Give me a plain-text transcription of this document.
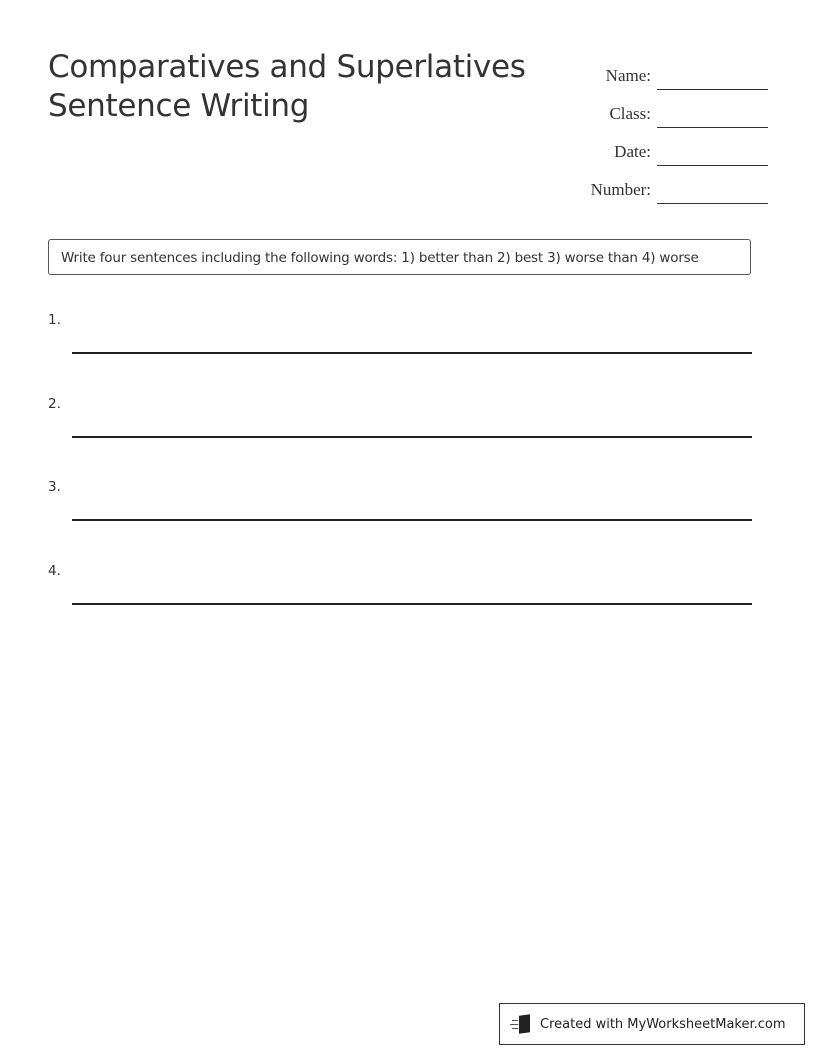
Comparatives and Superlatives
Sentence Writing
Name:
Class:
Date:
Number:
Write four sentences including the following words: 1) better than 2) best 3) worse than 4) worse
1.
2.
3.
4.
Created with MyWorksheetMaker.com
